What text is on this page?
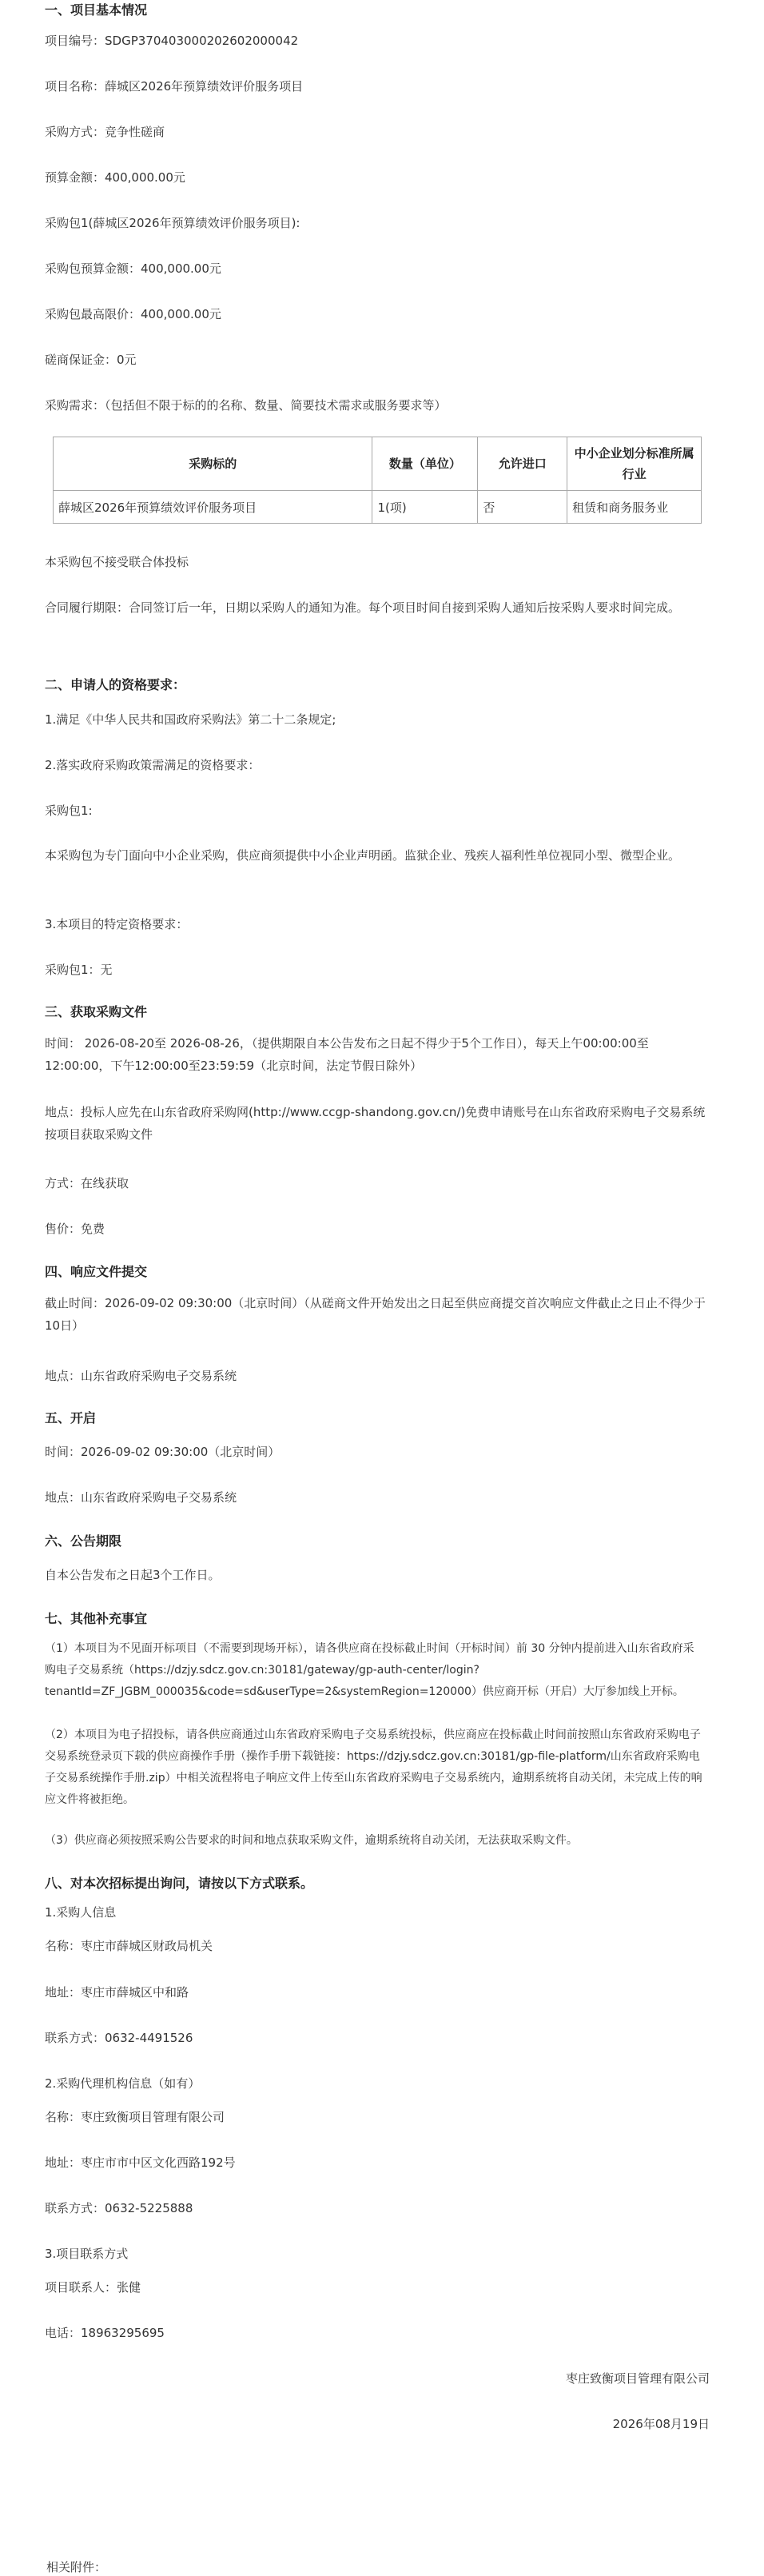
一、项目基本情况
项目编号：SDGP370403000202602000042
项目名称：薛城区2026年预算绩效评价服务项目
采购方式：竞争性磋商
预算金额：400,000.00元
采购包1(薛城区2026年预算绩效评价服务项目):
采购包预算金额：400,000.00元
采购包最高限价：400,000.00元
磋商保证金：0元
采购需求：（包括但不限于标的的名称、数量、简要技术需求或服务要求等）
采购标的	数量（单位）	允许进口	中小企业划分标准所属行业
薛城区2026年预算绩效评价服务项目	1(项)	否	租赁和商务服务业
本采购包不接受联合体投标
合同履行期限：合同签订后一年，日期以采购人的通知为准。每个项目时间自接到采购人通知后按采购人要求时间完成。
二、申请人的资格要求：
1.满足《中华人民共和国政府采购法》第二十二条规定;
2.落实政府采购政策需满足的资格要求：
采购包1:
本采购包为专门面向中小企业采购，供应商须提供中小企业声明函。监狱企业、残疾人福利性单位视同小型、微型企业。
3.本项目的特定资格要求：
采购包1：无
三、获取采购文件
时间： 2026-08-20至 2026-08-26，（提供期限自本公告发布之日起不得少于5个工作日），每天上午00:00:00至12:00:00，下午12:00:00至23:59:59（北京时间，法定节假日除外）
地点：投标人应先在山东省政府采购网(http://www.ccgp-shandong.gov.cn/)免费申请账号在山东省政府采购电子交易系统按项目获取采购文件
方式：在线获取
售价：免费
四、响应文件提交
截止时间：2026-09-02 09:30:00（北京时间）（从磋商文件开始发出之日起至供应商提交首次响应文件截止之日止不得少于10日）
地点：山东省政府采购电子交易系统
五、开启
时间：2026-09-02 09:30:00（北京时间）
地点：山东省政府采购电子交易系统
六、公告期限
自本公告发布之日起3个工作日。
七、其他补充事宜
（1）本项目为不见面开标项目（不需要到现场开标），请各供应商在投标截止时间（开标时间）前 30 分钟内提前进入山东省政府采购电子交易系统（https://dzjy.sdcz.gov.cn:30181/gateway/gp-auth-center/login?tenantId=ZF_JGBM_000035&code=sd&userType=2&systemRegion=120000）供应商开标（开启）大厅参加线上开标。
（2）本项目为电子招投标，请各供应商通过山东省政府采购电子交易系统投标，供应商应在投标截止时间前按照山东省政府采购电子交易系统登录页下载的供应商操作手册（操作手册下载链接：https://dzjy.sdcz.gov.cn:30181/gp-file-platform/山东省政府采购电子交易系统操作手册.zip）中相关流程将电子响应文件上传至山东省政府采购电子交易系统内，逾期系统将自动关闭，未完成上传的响应文件将被拒绝。
（3）供应商必须按照采购公告要求的时间和地点获取采购文件，逾期系统将自动关闭，无法获取采购文件。
八、对本次招标提出询问，请按以下方式联系。
1.采购人信息
名称：枣庄市薛城区财政局机关
地址：枣庄市薛城区中和路
联系方式：0632-4491526
2.采购代理机构信息（如有）
名称：枣庄致衡项目管理有限公司
地址：枣庄市市中区文化西路192号
联系方式：0632-5225888
3.项目联系方式
项目联系人：张健
电话：18963295695
枣庄致衡项目管理有限公司
2026年08月19日
相关附件：
